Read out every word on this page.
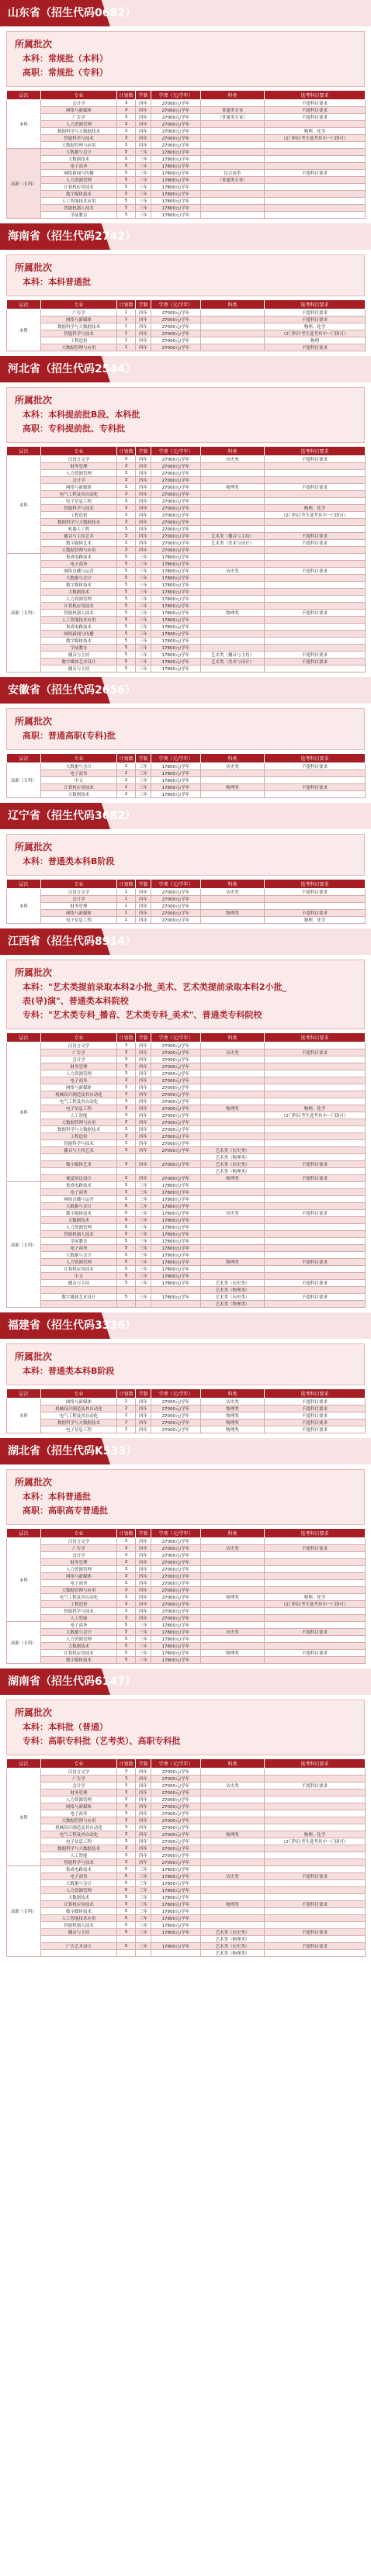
山东省（招生代码0682）
所属批次
本科：常规批（本科）
高职：常规批（专科）
层次	专业	计划数	学制	学费（元/学年）	科类	选考科目要求
本科	会计学	3	四年	27000元/学年		不提科目要求
	网络与新媒体	3	四年	27000元/学年	普通类专业	不提科目要求
	广告学	3	四年	27000元/学年	（普通类专业）	不提科目要求
	人力资源管理	3	四年	27000元/学年		
	数据科学与大数据技术	3	四年	27000元/学年		物理、化学
	智能科学与技术	3	四年	27000元/学年		（2门科目考生选考其中一门即可）
	大数据管理与应用	3	四年	27000元/学年		
高职（专科）	大数据与会计	5	三年	17800元/学年		
	大数据技术	5	三年	17800元/学年		
	电子商务	5	三年	17800元/学年		
	网络新闻与传播	5	三年	17800元/学年	综合改革	不提科目要求
	人力资源管理	5	三年	17800元/学年	（普通类专业）	
	计算机应用技术	5	三年	17800元/学年		
	数字媒体技术	5	三年	17800元/学年		
	人工智能技术应用	5	三年	17800元/学年		
	智能机器人技术	5	三年	17800元/学年		
	学前教育	5	三年	17800元/学年		
海南省（招生代码2742）
所属批次
本科：本科普通批
层次	专业	计划数	学制	学费（元/学年）	科类	选考科目要求
本科	广告学	1	四年	27000元/学年		不提科目要求
	网络与新媒体	1	四年	27000元/学年		不提科目要求
	数据科学与大数据技术	1	四年	27000元/学年		物理、化学
	智能科学与技术	1	四年	27000元/学年		（2门科目考生选考其中一门即可）
	工程造价	1	四年	27000元/学年		物理
	大数据管理与应用	1	四年	27000元/学年		不提科目要求
河北省（招生代码2544）
所属批次
本科：本科提前批B段、本科批
高职：专科提前批、专科批
层次	专业	计划数	学制	学费（元/学年）	科类	选考科目要求
本科	汉语言文学	3	四年	27000元/学年	历史类	不提科目要求
	财务管理	3	四年	27000元/学年		
	人力资源管理	3	四年	27000元/学年		
	会计学	3	四年	27000元/学年		
	网络与新媒体	3	四年	27000元/学年	物理类	不提科目要求
	电气工程及其自动化	3	四年	27000元/学年		
	电子信息工程	3	四年	27000元/学年		
	智能科学与技术	3	四年	27000元/学年		物理、化学
	工程造价	3	四年	27000元/学年		（2门科目考生选考其中一门即可）
	数据科学与大数据技术	3	四年	27000元/学年		
	机器人工程	3	四年	27000元/学年		
	播音与主持艺术	3	四年	27000元/学年	艺术类（播音与主持）	不提科目要求
	数字媒体艺术	3	四年	27000元/学年	艺术类（美术与设计）	不提科目要求
	大数据管理与应用	3	四年	27000元/学年		
高职（专科）	集成电路技术	5	三年	17800元/学年		
	电子商务	5	三年	17800元/学年		
	网络直播与运营	5	三年	17800元/学年	历史类	不提科目要求
	大数据与会计	5	三年	17800元/学年		
	数字媒体技术	5	三年	17800元/学年		
	大数据技术	5	三年	17800元/学年		
	人力资源管理	5	三年	17800元/学年		
	计算机应用技术	5	三年	17800元/学年		
	智能机器人技术	5	三年	17800元/学年	物理类	不提科目要求
	人工智能技术应用	5	三年	17800元/学年		
	集成电路技术	5	三年	17800元/学年		
	网络新闻与传播	5	三年	17800元/学年		
	数字媒体技术	5	三年	17800元/学年		
	学前教育	5	三年	17800元/学年		
	播音与主持	5	三年	17800元/学年	艺术类（播音与主持）	不提科目要求
	数字媒体艺术设计	5	三年	17800元/学年	艺术类（美术与设计）	不提科目要求
	播音与主持	5	三年	17800元/学年		
安徽省（招生代码2656）
所属批次
高职：普通高职(专科)批
层次	专业	计划数	学制	学费（元/学年）	科类	选考科目要求
高职（专科）	大数据与会计	2	三年	17800元/学年	历史类	不提科目要求
	电子商务	2	三年	17800元/学年		
	中文	2	三年	17800元/学年		
	计算机应用技术	2	三年	17800元/学年	物理类	不提科目要求
	大数据技术	2	三年	17800元/学年		
辽宁省（招生代码3682）
所属批次
本科：普通类本科B阶段
层次	专业	计划数	学制	学费（元/学年）	科类	选考科目要求
本科	汉语言文学	1	四年	27000元/学年	历史类	不提科目要求
	会计学	1	四年	27000元/学年		
	财务管理	1	四年	27000元/学年		
	网络与新媒体	1	四年	27000元/学年	物理类	不提科目要求
	电子信息工程	1	四年	27000元/学年		物理、化学
江西省（招生代码8914）
所属批次
本科："艺术类提前录取本科2小批_美术、艺术类提前录取本科2小批_
表(导)演"、普通类本科院校
专科："艺术类专科_播音、艺术类专科_美术"、普通类专科院校
层次	专业	计划数	学制	学费（元/学年）	科类	选考科目要求
本科	汉语言文学	3	四年	27000元/学年		
	广告学	3	四年	27000元/学年	历史类	不提科目要求
	会计学	3	四年	27000元/学年		
	财务管理	3	四年	27000元/学年		
	人力资源管理	3	四年	27000元/学年		
	电子商务	3	四年	27000元/学年		
	网络与新媒体	3	四年	27000元/学年		
	机械设计制造及其自动化	3	四年	27000元/学年		
	电气工程及其自动化	3	四年	27000元/学年		
	电子信息工程	3	四年	27000元/学年	物理类	物理、化学
	人工智能	3	四年	27000元/学年		（2门科目考生选考其中一门即可）
	大数据管理与应用	3	四年	27000元/学年		
	数据科学与大数据技术	3	四年	27000元/学年		
	工程造价	3	四年	27000元/学年		
	智能科学与技术	3	四年	27000元/学年		
	播音与主持艺术	3	四年	27000元/学年	艺术类（历史类）	
					艺术类（物理类）	
	数字媒体艺术	3	四年	27000元/学年	艺术类（历史类）	不提科目要求
					艺术类（物理类）	
	视觉传达设计	3	四年	27000元/学年	物理类	不提科目要求
高职（专科）	集成电路技术	5	三年	17800元/学年		
	电子商务	5	三年	17800元/学年		
	网络直播与运营	5	三年	17800元/学年		
	大数据与会计	5	三年	17800元/学年		
	数字媒体技术	5	三年	17800元/学年	历史类	不提科目要求
	大数据技术	5	三年	17800元/学年		
	人力资源管理	5	三年	17800元/学年		
	智能机器人技术	5	三年	17800元/学年		
	学前教育	5	三年	17800元/学年		
	电子商务	5	三年	17800元/学年		
	大数据与会计	5	三年	17800元/学年		
	人力资源管理	5	三年	17800元/学年	物理类	不提科目要求
	计算机应用技术	5	三年	17800元/学年		
	中文	5	三年	17800元/学年		
	播音与主持	5	三年	17800元/学年	艺术类（历史类）	不提科目要求
					艺术类（物理类）	
	数字媒体艺术设计	5	三年	17800元/学年	艺术类（历史类）	不提科目要求
					艺术类（物理类）	
福建省（招生代码3336）
所属批次
本科：普通类本科B阶段
层次	专业	计划数	学制	学费（元/学年）	科类	选考科目要求
本科	网络与新媒体	2	四年	27000元/学年	历史类	不提科目要求
	机械设计制造及其自动化	2	四年	27000元/学年	物理类	不提科目要求
	电气工程及其自动化	2	四年	27000元/学年	物理类	不提科目要求
	数据科学与大数据技术	2	四年	27000元/学年	物理类	不提科目要求
	电子信息工程	2	四年	27000元/学年	物理类	不提科目要求
湖北省（招生代码K533）
所属批次
本科：本科普通批
高职：高职高专普通批
层次	专业	计划数	学制	学费（元/学年）	科类	选考科目要求
本科	汉语言文学	3	四年	27000元/学年		
	广告学	3	四年	27000元/学年	历史类	不提科目要求
	会计学	3	四年	27000元/学年		
	财务管理	3	四年	27000元/学年		
	人力资源管理	3	四年	27000元/学年		
	网络与新媒体	3	四年	27000元/学年		
	电子商务	3	四年	27000元/学年		
	大数据管理与应用	3	四年	27000元/学年		
	电气工程及其自动化	3	四年	27000元/学年	物理类	物理、化学
	工程造价	3	四年	27000元/学年		（2门科目考生选考其中一门即可）
	智能科学与技术	3	四年	27000元/学年		
	人工智能	3	四年	27000元/学年		
高职（专科）	电子商务	5	三年	17800元/学年		
	大数据与会计	5	三年	17800元/学年	历史类	不提科目要求
	人力资源管理	5	三年	17800元/学年		
	大数据技术	5	三年	17800元/学年		
	计算机应用技术	5	三年	17800元/学年	物理类	不提科目要求
	数字媒体技术	5	三年	17800元/学年		
湖南省（招生代码6147）
所属批次
本科：本科批（普通）
专科：高职专科批（艺考类）、高职专科批
层次	专业	计划数	学制	学费（元/学年）	科类	选考科目要求
本科	汉语言文学	3	四年	27000元/学年		
	广告学	3	四年	27000元/学年		
	会计学	3	四年	27000元/学年	历史类	不提科目要求
	财务管理	3	四年	27000元/学年		
	人力资源管理	3	四年	27000元/学年		
	网络与新媒体	3	四年	27000元/学年		
	电子商务	3	四年	27000元/学年		
	大数据管理与应用	3	四年	27000元/学年		
	机械设计制造及其自动化	3	四年	27000元/学年		
	电气工程及其自动化	3	四年	27000元/学年	物理类	物理、化学
	电子信息工程	3	四年	27000元/学年		（2门科目考生选考其中一门即可）
	数据科学与大数据技术	3	四年	27000元/学年		
	人工智能	3	四年	27000元/学年		
	智能科学与技术	3	四年	27000元/学年		
高职（专科）	集成电路技术	5	三年	17800元/学年		
	电子商务	5	三年	17800元/学年	历史类	不提科目要求
	大数据与会计	5	三年	17800元/学年		
	人力资源管理	5	三年	17800元/学年		
	大数据技术	5	三年	17800元/学年		
	计算机应用技术	5	三年	17800元/学年	物理类	不提科目要求
	数字媒体技术	5	三年	17800元/学年		
	人工智能技术应用	5	三年	17800元/学年		
	智能机器人技术	5	三年	17800元/学年		
	播音与主持	5	三年	17800元/学年	艺术类（历史类）	不提科目要求
					艺术类（物理类）	
	广告艺术设计	5	三年	17800元/学年	艺术类（历史类）	不提科目要求
					艺术类（物理类）	
